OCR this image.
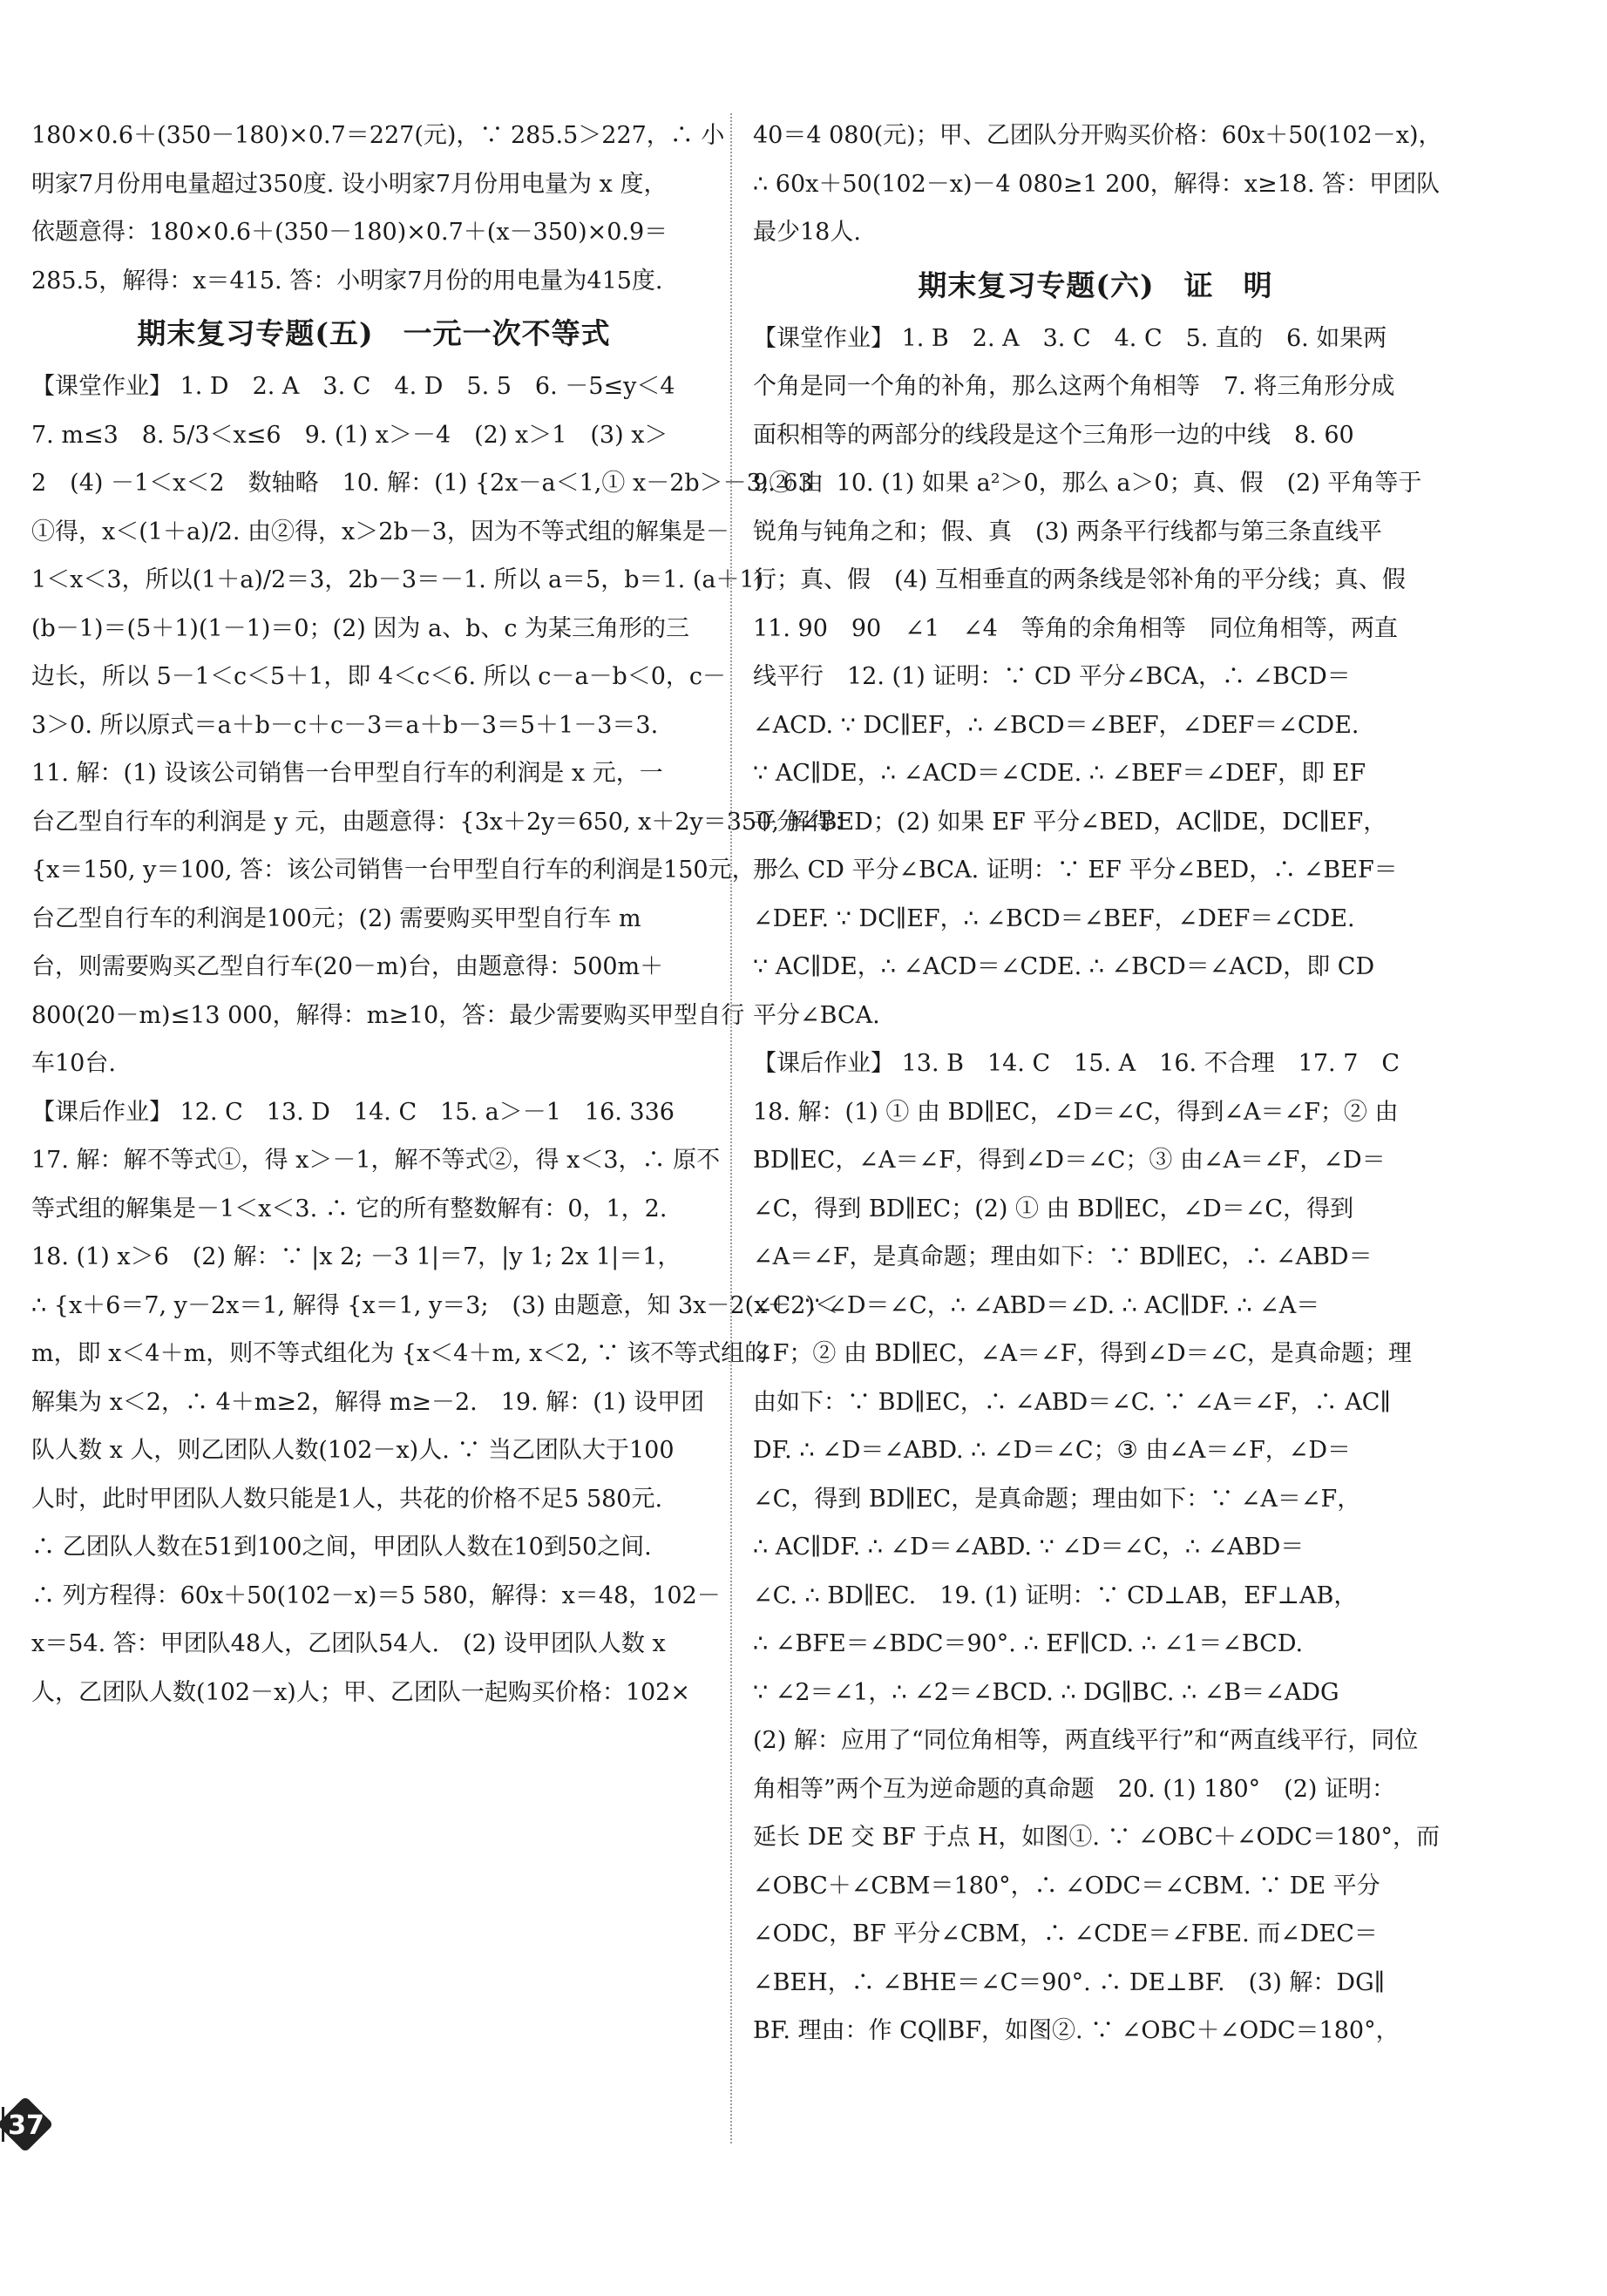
180×0.6＋(350－180)×0.7＝227(元)，∵ 285.5＞227，∴ 小
明家7月份用电量超过350度. 设小明家7月份用电量为 x 度，
依题意得：180×0.6＋(350－180)×0.7＋(x－350)×0.9＝
285.5，解得：x＝415. 答：小明家7月份的用电量为415度.
期末复习专题(五)　一元一次不等式
【课堂作业】 1. D　2. A　3. C　4. D　5. 5　6. －5≤y＜4
7. m≤3　8. 5/3＜x≤6　9. (1) x＞－4　(2) x＞1　(3) x＞
2　(4) －1＜x＜2　数轴略　10. 解：(1) {2x－a＜1,① x－2b＞－3,② 由
①得，x＜(1＋a)/2. 由②得，x＞2b－3，因为不等式组的解集是－
1＜x＜3，所以(1＋a)/2＝3，2b－3＝－1. 所以 a＝5，b＝1. (a＋1)
(b－1)＝(5＋1)(1－1)＝0；(2) 因为 a、b、c 为某三角形的三
边长，所以 5－1＜c＜5＋1，即 4＜c＜6. 所以 c－a－b＜0，c－
3＞0. 所以原式＝a＋b－c＋c－3＝a＋b－3＝5＋1－3＝3.
11. 解：(1) 设该公司销售一台甲型自行车的利润是 x 元，一
台乙型自行车的利润是 y 元，由题意得：{3x＋2y＝650, x＋2y＝350, 解得：
{x＝150, y＝100, 答：该公司销售一台甲型自行车的利润是150元，一
台乙型自行车的利润是100元；(2) 需要购买甲型自行车 m
台，则需要购买乙型自行车(20－m)台，由题意得：500m＋
800(20－m)≤13 000，解得：m≥10，答：最少需要购买甲型自行
车10台.
【课后作业】 12. C　13. D　14. C　15. a＞－1　16. 336
17. 解：解不等式①，得 x＞－1，解不等式②，得 x＜3，∴ 原不
等式组的解集是－1＜x＜3. ∴ 它的所有整数解有：0，1，2.
18. (1) x＞6　(2) 解：∵ |x 2; －3 1|＝7，|y 1; 2x 1|＝1，
∴ {x＋6＝7, y－2x＝1, 解得 {x＝1, y＝3;　(3) 由题意，知 3x－2(x＋2)＜
m，即 x＜4＋m，则不等式组化为 {x＜4＋m, x＜2, ∵ 该不等式组的
解集为 x＜2，∴ 4＋m≥2，解得 m≥－2.　19. 解：(1) 设甲团
队人数 x 人，则乙团队人数(102－x)人. ∵ 当乙团队大于100
人时，此时甲团队人数只能是1人，共花的价格不足5 580元.
∴ 乙团队人数在51到100之间，甲团队人数在10到50之间.
∴ 列方程得：60x＋50(102－x)＝5 580，解得：x＝48，102－
x＝54. 答：甲团队48人，乙团队54人.　(2) 设甲团队人数 x
人，乙团队人数(102－x)人；甲、乙团队一起购买价格：102×
40＝4 080(元)；甲、乙团队分开购买价格：60x＋50(102－x)，
∴ 60x＋50(102－x)－4 080≥1 200，解得：x≥18. 答：甲团队
最少18人.
期末复习专题(六)　证　明
【课堂作业】 1. B　2. A　3. C　4. C　5. 直的　6. 如果两
个角是同一个角的补角，那么这两个角相等　7. 将三角形分成
面积相等的两部分的线段是这个三角形一边的中线　8. 60
9. 63　10. (1) 如果 a²＞0，那么 a＞0；真、假　(2) 平角等于
锐角与钝角之和；假、真　(3) 两条平行线都与第三条直线平
行；真、假　(4) 互相垂直的两条线是邻补角的平分线；真、假
11. 90　90　∠1　∠4　等角的余角相等　同位角相等，两直
线平行　12. (1) 证明：∵ CD 平分∠BCA，∴ ∠BCD＝
∠ACD. ∵ DC∥EF，∴ ∠BCD＝∠BEF，∠DEF＝∠CDE.
∵ AC∥DE，∴ ∠ACD＝∠CDE. ∴ ∠BEF＝∠DEF，即 EF
平分∠BED；(2) 如果 EF 平分∠BED，AC∥DE，DC∥EF，
那么 CD 平分∠BCA. 证明：∵ EF 平分∠BED，∴ ∠BEF＝
∠DEF. ∵ DC∥EF，∴ ∠BCD＝∠BEF，∠DEF＝∠CDE.
∵ AC∥DE，∴ ∠ACD＝∠CDE. ∴ ∠BCD＝∠ACD，即 CD
平分∠BCA.
【课后作业】 13. B　14. C　15. A　16. 不合理　17. 7　C
18. 解：(1) ① 由 BD∥EC，∠D＝∠C，得到∠A＝∠F；② 由
BD∥EC，∠A＝∠F，得到∠D＝∠C；③ 由∠A＝∠F，∠D＝
∠C，得到 BD∥EC；(2) ① 由 BD∥EC，∠D＝∠C，得到
∠A＝∠F，是真命题；理由如下：∵ BD∥EC，∴ ∠ABD＝
∠C. ∵ ∠D＝∠C，∴ ∠ABD＝∠D. ∴ AC∥DF. ∴ ∠A＝
∠F；② 由 BD∥EC，∠A＝∠F，得到∠D＝∠C，是真命题；理
由如下：∵ BD∥EC，∴ ∠ABD＝∠C. ∵ ∠A＝∠F，∴ AC∥
DF. ∴ ∠D＝∠ABD. ∴ ∠D＝∠C；③ 由∠A＝∠F，∠D＝
∠C，得到 BD∥EC，是真命题；理由如下：∵ ∠A＝∠F，
∴ AC∥DF. ∴ ∠D＝∠ABD. ∵ ∠D＝∠C，∴ ∠ABD＝
∠C. ∴ BD∥EC.　19. (1) 证明：∵ CD⊥AB，EF⊥AB，
∴ ∠BFE＝∠BDC＝90°. ∴ EF∥CD. ∴ ∠1＝∠BCD.
∵ ∠2＝∠1，∴ ∠2＝∠BCD. ∴ DG∥BC. ∴ ∠B＝∠ADG
(2) 解：应用了“同位角相等，两直线平行”和“两直线平行，同位
角相等”两个互为逆命题的真命题　20. (1) 180°　(2) 证明：
延长 DE 交 BF 于点 H，如图①. ∵ ∠OBC＋∠ODC＝180°，而
∠OBC＋∠CBM＝180°，∴ ∠ODC＝∠CBM. ∵ DE 平分
∠ODC，BF 平分∠CBM，∴ ∠CDE＝∠FBE. 而∠DEC＝
∠BEH，∴ ∠BHE＝∠C＝90°. ∴ DE⊥BF.　(3) 解：DG∥
BF. 理由：作 CQ∥BF，如图②. ∵ ∠OBC＋∠ODC＝180°，
37
